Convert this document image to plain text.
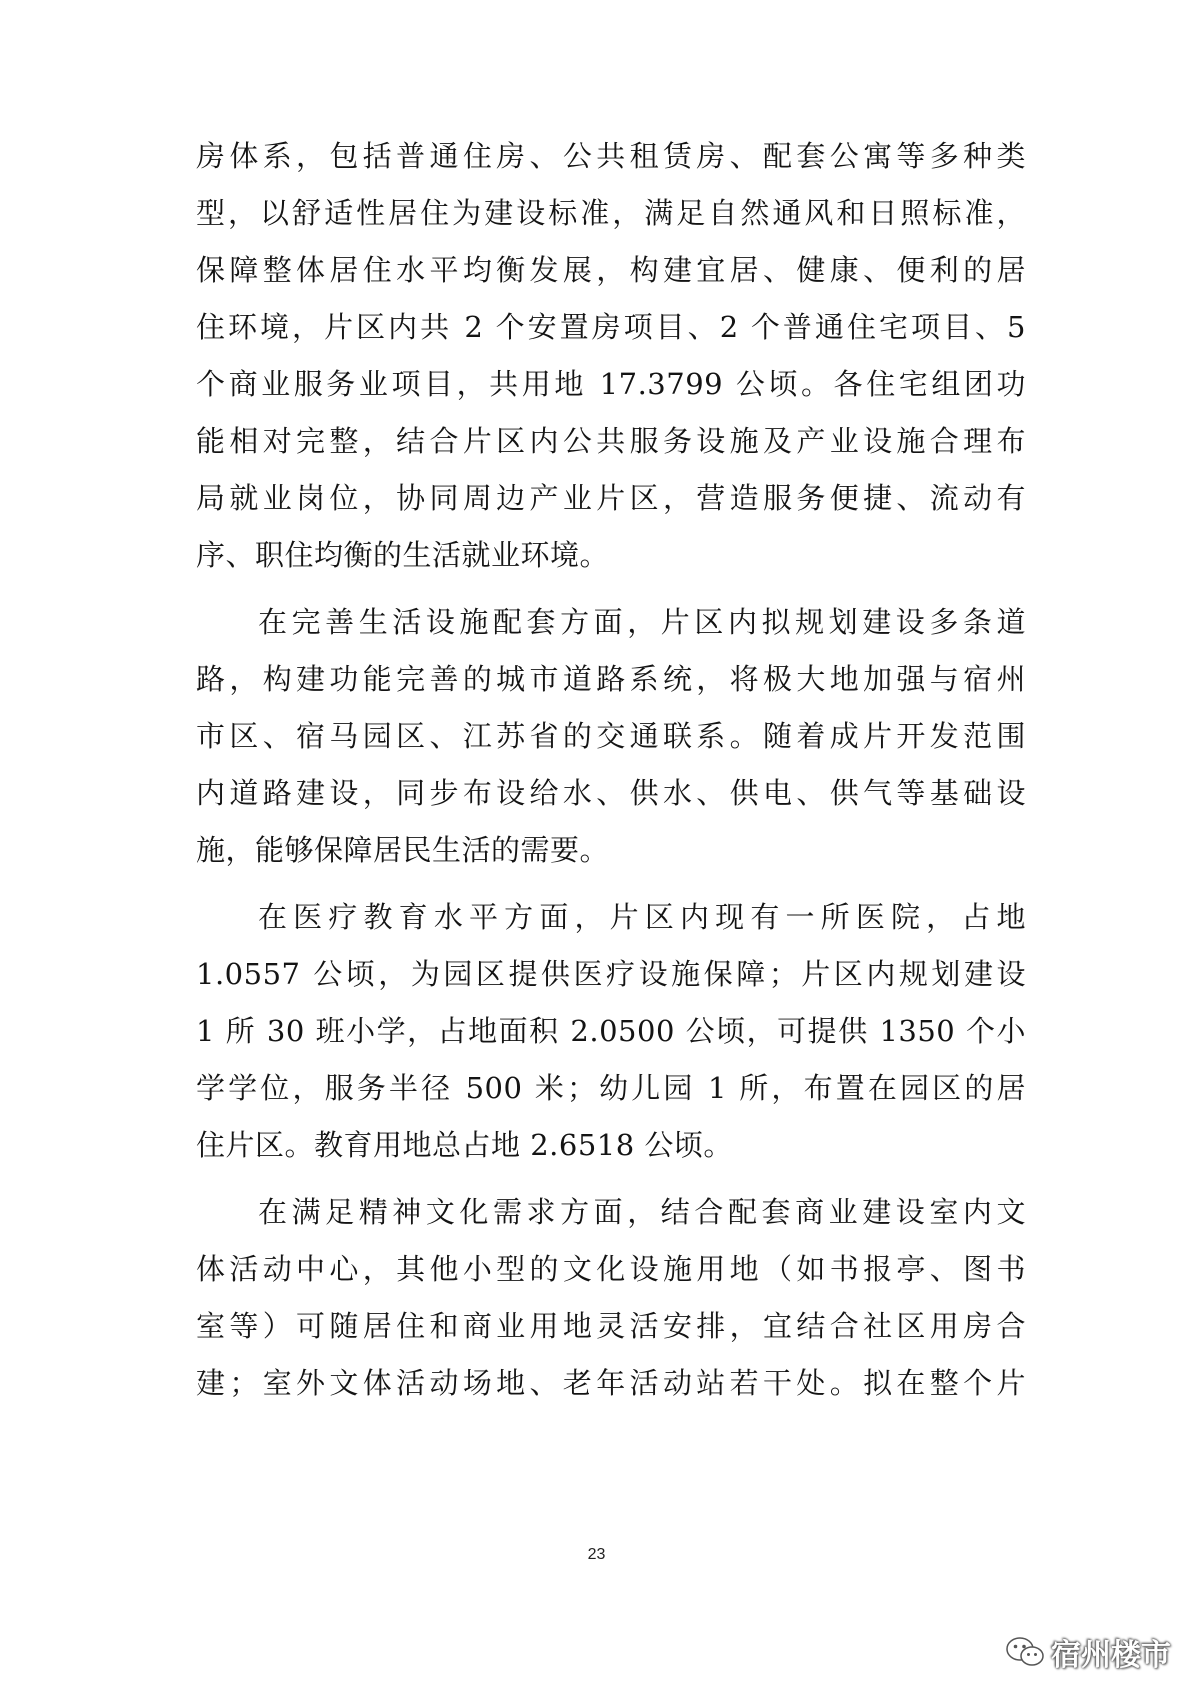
房体系，包括普通住房、公共租赁房、配套公寓等多种类
型，以舒适性居住为建设标准，满足自然通风和日照标准，
保障整体居住水平均衡发展，构建宜居、健康、便利的居
住环境，片区内共 2 个安置房项目、2 个普通住宅项目、5
个商业服务业项目，共用地 17.3799 公顷。各住宅组团功
能相对完整，结合片区内公共服务设施及产业设施合理布
局就业岗位，协同周边产业片区，营造服务便捷、流动有
序、职住均衡的生活就业环境。
在完善生活设施配套方面，片区内拟规划建设多条道
路，构建功能完善的城市道路系统，将极大地加强与宿州
市区、宿马园区、江苏省的交通联系。随着成片开发范围
内道路建设，同步布设给水、供水、供电、供气等基础设
施，能够保障居民生活的需要。
在医疗教育水平方面，片区内现有一所医院，占地
1.0557 公顷，为园区提供医疗设施保障；片区内规划建设
1 所 30 班小学，占地面积 2.0500 公顷，可提供 1350 个小
学学位，服务半径 500 米；幼儿园 1 所，布置在园区的居
住片区。教育用地总占地 2.6518 公顷。
在满足精神文化需求方面，结合配套商业建设室内文
体活动中心，其他小型的文化设施用地（如书报亭、图书
室等）可随居住和商业用地灵活安排，宜结合社区用房合
建；室外文体活动场地、老年活动站若干处。拟在整个片
23
宿州楼市
